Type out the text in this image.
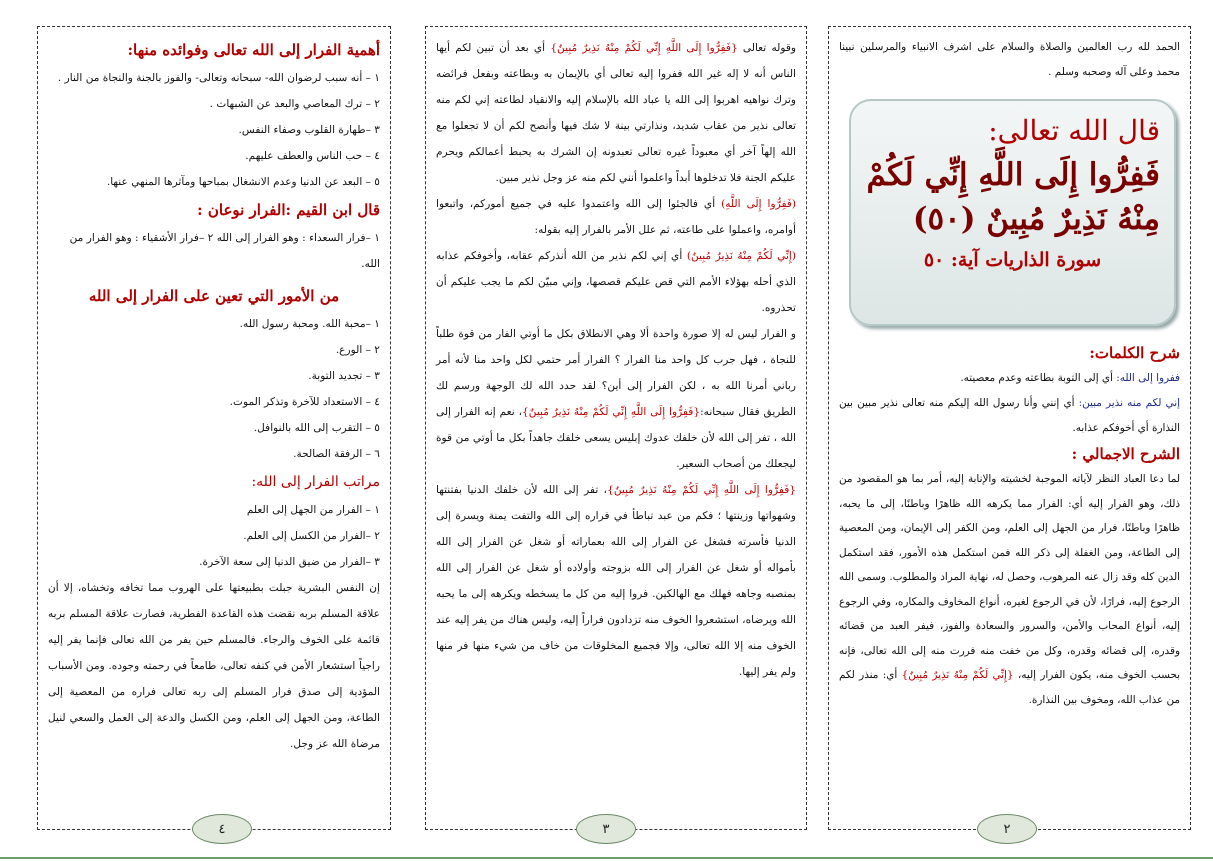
الحمد لله رب العالمين والصلاة والسلام على اشرف الانبياء والمرسلين نبينا محمد وعلى آله وصحبه وسلم .

قال الله تعالى:
فَفِرُّوا إِلَى اللَّهِ إِنِّي لَكُمْ مِنْهُ نَذِيرٌ مُبِينٌ (٥٠)
سورة الذاريات آية: ٥٠
شرح الكلمات:

ففروا إلى الله: أي إلى التوبة بطاعته وعدم معصيته.

إني لكم منه نذير مبين: أي إنني وأنا رسول الله إليكم منه تعالى نذير مبين بين النذارة أي أخوفكم عذابه.

الشرح الاجمالي :

لما دعا العباد النظر لآياته الموجبة لخشيته والإنابة إليه، أمر بما هو المقصود من ذلك، وهو الفرار إليه أي: الفرار مما يكرهه الله ظاهرًا وباطنًا، إلى ما يحبه، ظاهرًا وباطنًا، فرار من الجهل إلى العلم، ومن الكفر إلى الإيمان، ومن المعصية إلى الطاعة، ومن الغفلة إلى ذكر الله فمن استكمل هذه الأمور، فقد استكمل الدين كله وقد زال عنه المرهوب، وحصل له، نهاية المراد والمطلوب. وسمى الله الرجوع إليه، فرارًا، لأن في الرجوع لغيره، أنواع المخاوف والمكاره، وفي الرجوع إليه، أنواع المحاب والأمن، والسرور والسعادة والفوز، فيفر العبد من قضائه وقدره، إلى قضائه وقدره، وكل من خفت منه فررت منه إلى الله تعالى، فإنه بحسب الخوف منه، يكون الفرار إليه، {إِنِّي لَكُمْ مِنْهُ نَذِيرٌ مُبِينٌ} أي: منذر لكم من عذاب الله، ومخوف بين النذارة.

وقوله تعالى {فَفِرُّوا إِلَى اللَّهِ إِنِّي لَكُمْ مِنْهُ نَذِيرٌ مُبِينٌ} أي بعد أن تبين لكم أيها الناس أنه لا إله غير الله ففروا إليه تعالى أي بالإيمان به وبطاعته وبفعل فرائضه وترك نواهيه اهربوا إلى الله يا عباد الله بالإسلام إليه والانقياد لطاعته إني لكم منه تعالى نذير من عقاب شديد، ونذارتي بينة لا شك فيها وأنصح لكم أن لا تجعلوا مع الله إلهاً آخر أي معبوداً غيره تعالى تعبدونه إن الشرك به يحبط أعمالكم ويحرم عليكم الجنة فلا تدخلوها أبداً واعلموا أنني لكم منه عز وجل نذير مبين.

(فَفِرُّوا إِلَى اللَّهِ) أي فالجئوا إلى الله واعتمدوا عليه في جميع أموركم، واتبعوا أوامره، واعملوا على طاعته، ثم علل الأمر بالفرار إليه بقوله:

(إِنِّي لَكُمْ مِنْهُ نَذِيرٌ مُبِينٌ) أي إني لكم نذير من الله أنذركم عقابه، وأخوفكم عذابه الذي أحله بهؤلاء الأمم التي قص عليكم قصصها، وإني مبيّن لكم ما يجب عليكم أن تحذروه.

و الفرار ليس له إلا صورة واحدة ألا وهي الانطلاق بكل ما أوتي الفار من قوة طلباً للنجاة ، فهل جرب كل واحد منا الفرار ؟ الفرار أمر حتمي لكل واحد منا لأنه أمر رباني أمرنا الله به ، لكن الفرار إلى أين؟ لقد حدد الله لك الوجهة ورسم لك الطريق فقال سبحانه:{فَفِرُّوا إِلَى اللَّهِ إِنِّي لَكُمْ مِنْهُ نَذِيرٌ مُبِينٌ}، نعم إنه الفرار إلى الله ، تفر إلى الله لأن خلفك عدوك إبليس يسعى خلفك جاهداً بكل ما أوتي من قوة ليجعلك من أصحاب السعير.

{فَفِرُّوا إِلَى اللَّهِ إِنِّي لَكُمْ مِنْهُ نَذِيرٌ مُبِينٌ}، تفر إلى الله لأن خلفك الدنيا بفتنتها وشهواتها وزينتها ؛ فكم من عبد تباطأ في فراره إلى الله والتفت يمنة ويسرة إلى الدنيا فأسرته فشغل عن الفرار إلى الله بعماراته أو شغل عن الفرار إلى الله بأمواله أو شغل عن الفرار إلى الله بزوجته وأولاده أو شغل عن الفرار إلى الله بمنصبه وجاهه فهلك مع الهالكين. فروا إليه من كل ما يسخطه ويكرهه إلى ما يحبه الله ويرضاه، استشعروا الخوف منه تزدادون فراراً إليه، وليس هناك من يفر إليه عند الخوف منه إلا الله تعالى، وإلا فجميع المخلوقات من خاف من شيء منها فر منها ولم يفر إليها.

أهمية الفرار إلى الله تعالى وفوائده منها:

١ – أنه سبب لرضوان الله- سبحانه وتعالى- والفوز بالجنة والنجاة من النار .

٢ – ترك المعاصي والبعد عن الشبهات .

٣ –طهارة القلوب وصفاء النفس.

٤ – حب الناس والعطف عليهم.

٥ – البعد عن الدنيا وعدم الانشغال بمباحها ومآثرها المنهي عنها.

قال ابن القيم :الفرار نوعان :

١ –فرار السعداء : وهو الفرار إلى الله ٢ –فرار الأشقياء : وهو الفرار من الله.

من الأمور التي تعين على الفرار إلى الله

١ –محبة الله. ومحبة رسول الله.

٢ – الورع.

٣ – تجديد التوبة.

٤ – الاستعداد للآخرة وتذكر الموت.

٥ – التقرب إلى الله بالنوافل.

٦ – الرفقة الصالحة.

مراتب الفرار إلى الله:

١ – الفرار من الجهل إلى العلم

٢ –الفرار من الكسل إلى العلم.

٣ –الفرار من ضيق الدنيا إلى سعة الآخرة.

إن النفس البشرية جبلت بطبيعتها على الهروب مما تخافه وتخشاه، إلا أن علاقة المسلم بربه نقضت هذه القاعدة الفطرية، فصارت علاقة المسلم بربه قائمة على الخوف والرجاء. فالمسلم حين يفر من الله تعالى فإنما يفر إليه راجياً استشعار الأمن في كنفه تعالى، طامعاً في رحمته وجوده. ومن الأسباب المؤدية إلى صدق فرار المسلم إلى ربه تعالى فراره من المعصية إلى الطاعة، ومن الجهل إلى العلم، ومن الكسل والدعة إلى العمل والسعي لنيل مرضاة الله عز وجل.

٤	٣	٢
